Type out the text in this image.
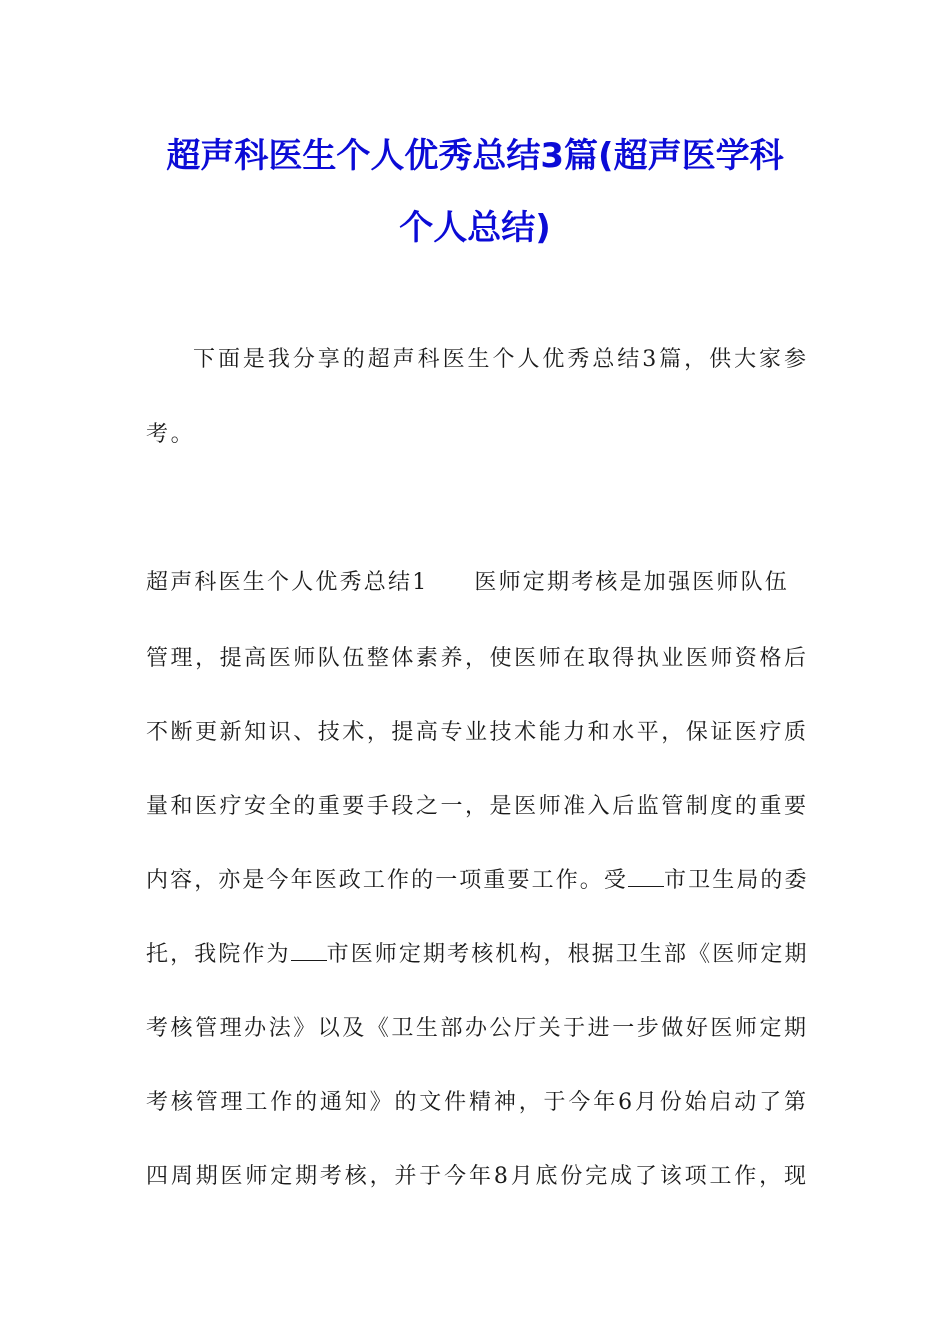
超声科医生个人优秀总结3篇(超声医学科
个人总结)

下面是我分享的超声科医生个人优秀总结3篇，供大家参

考。

超声科医生个人优秀总结1 医师定期考核是加强医师队伍

管理，提高医师队伍整体素养，使医师在取得执业医师资格后

不断更新知识、技术，提高专业技术能力和水平，保证医疗质

量和医疗安全的重要手段之一，是医师准入后监管制度的重要

内容，亦是今年医政工作的一项重要工作。受 市卫生局的委

托，我院作为 市医师定期考核机构，根据卫生部《医师定期

考核管理办法》以及《卫生部办公厅关于进一步做好医师定期

考核管理工作的通知》的文件精神，于今年6月份始启动了第

四周期医师定期考核，并于今年8月底份完成了该项工作，现
